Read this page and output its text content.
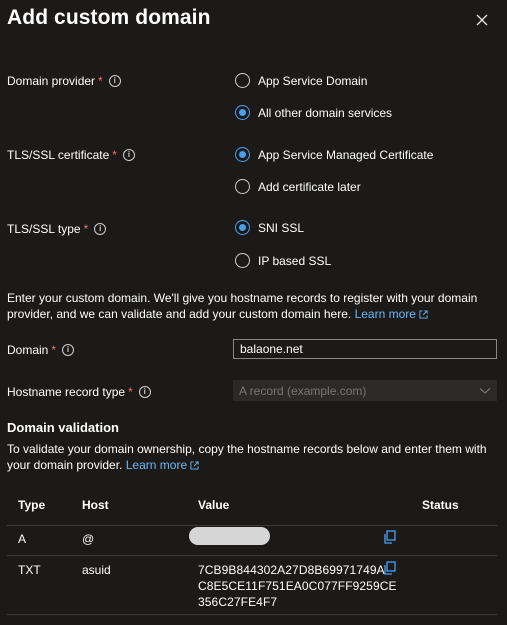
Add custom domain
Domain provider *	i	App Service Domain
All other domain services
TLS/SSL certificate *	i	App Service Managed Certificate
Add certificate later
TLS/SSL type *	i	SNI SSL
IP based SSL
Enter your custom domain. We'll give you hostname records to register with your domain provider, and we can validate and add your custom domain here. Learn more
Domain *	i
balaone.net
Hostname record type *	i	A record (example.com)
Domain validation
To validate your domain ownership, copy the hostname records below and enter them with your domain provider. Learn more
Type	Host	Value	Status
A	@
TXT	asuid	7CB9B844302A27D8B69971749A
C8E5CE11F751EA0C077FF9259CE
356C27FE4F7
